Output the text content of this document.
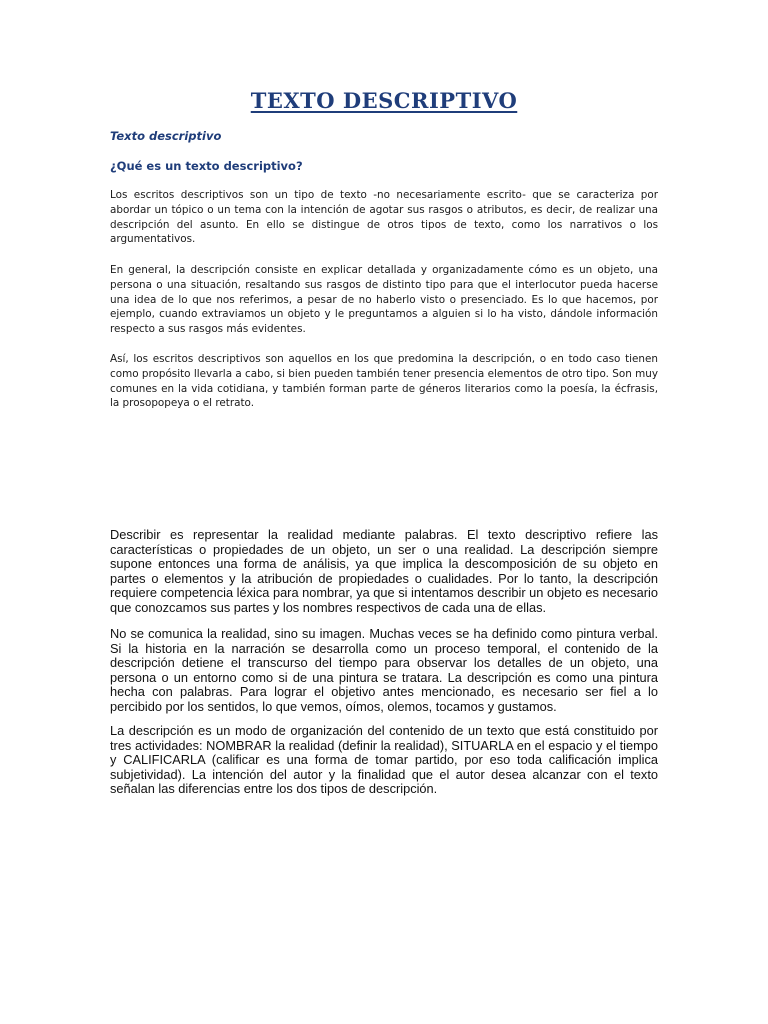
TEXTO DESCRIPTIVO

Texto descriptivo

¿Qué es un texto descriptivo?

Los escritos descriptivos son un tipo de texto -no necesariamente escrito- que se caracteriza por abordar un tópico o un tema con la intención de agotar sus rasgos o atributos, es decir, de realizar una descripción del asunto. En ello se distingue de otros tipos de texto, como los narrativos o los argumentativos.

En general, la descripción consiste en explicar detallada y organizadamente cómo es un objeto, una persona o una situación, resaltando sus rasgos de distinto tipo para que el interlocutor pueda hacerse una idea de lo que nos referimos, a pesar de no haberlo visto o presenciado. Es lo que hacemos, por ejemplo, cuando extraviamos un objeto y le preguntamos a alguien si lo ha visto, dándole información respecto a sus rasgos más evidentes.

Así, los escritos descriptivos son aquellos en los que predomina la descripción, o en todo caso tienen como propósito llevarla a cabo, si bien pueden también tener presencia elementos de otro tipo. Son muy comunes en la vida cotidiana, y también forman parte de géneros literarios como la poesía, la écfrasis, la prosopopeya o el retrato.

Describir es representar la realidad mediante palabras. El texto descriptivo refiere las características o propiedades de un objeto, un ser o una realidad. La descripción siempre supone entonces una forma de análisis, ya que implica la descomposición de su objeto en partes o elementos y la atribución de propiedades o cualidades. Por lo tanto, la descripción requiere competencia léxica para nombrar, ya que si intentamos describir un objeto es necesario que conozcamos sus partes y los nombres respectivos de cada una de ellas.

No se comunica la realidad, sino su imagen. Muchas veces se ha definido como pintura verbal. Si la historia en la narración se desarrolla como un proceso temporal, el contenido de la descripción detiene el transcurso del tiempo para observar los detalles de un objeto, una persona o un entorno como si de una pintura se tratara. La descripción es como una pintura hecha con palabras. Para lograr el objetivo antes mencionado, es necesario ser fiel a lo percibido por los sentidos, lo que vemos, oímos, olemos, tocamos y gustamos.

La descripción es un modo de organización del contenido de un texto que está constituido por tres actividades: NOMBRAR la realidad (definir la realidad), SITUARLA en el espacio y el tiempo y CALIFICARLA (calificar es una forma de tomar partido, por eso toda calificación implica subjetividad). La intención del autor y la finalidad que el autor desea alcanzar con el texto señalan las diferencias entre los dos tipos de descripción.
